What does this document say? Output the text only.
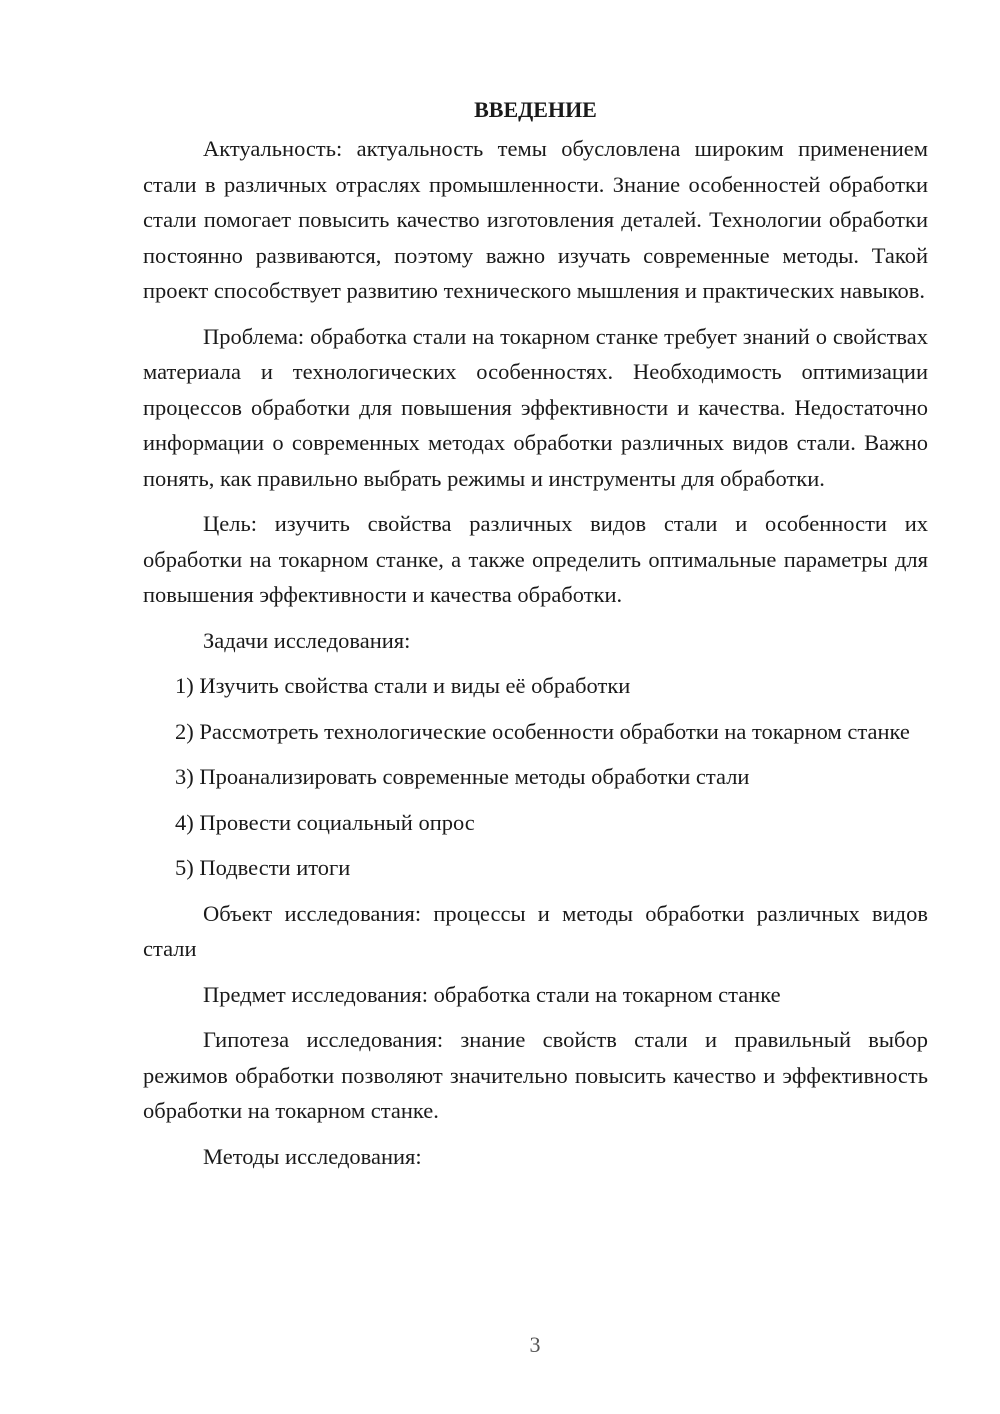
ВВЕДЕНИЕ

Актуальность: актуальность темы обусловлена широким применением стали в различных отраслях промышленности. Знание особенностей обработки стали помогает повысить качество изготовления деталей. Технологии обработки постоянно развиваются, поэтому важно изучать современные методы. Такой проект способствует развитию технического мышления и практических навыков.

Проблема: обработка стали на токарном станке требует знаний о свойствах материала и технологических особенностях. Необходимость оптимизации процессов обработки для повышения эффективности и качества. Недостаточно информации о современных методах обработки различных видов стали. Важно понять, как правильно выбрать режимы и инструменты для обработки.

Цель: изучить свойства различных видов стали и особенности их обработки на токарном станке, а также определить оптимальные параметры для повышения эффективности и качества обработки.

Задачи исследования:

1) Изучить свойства стали и виды её обработки

2) Рассмотреть технологические особенности обработки на токарном станке

3) Проанализировать современные методы обработки стали

4) Провести социальный опрос

5) Подвести итоги

Объект исследования: процессы и методы обработки различных видов стали

Предмет исследования: обработка стали на токарном станке

Гипотеза исследования: знание свойств стали и правильный выбор режимов обработки позволяют значительно повысить качество и эффективность обработки на токарном станке.

Методы исследования:

3
